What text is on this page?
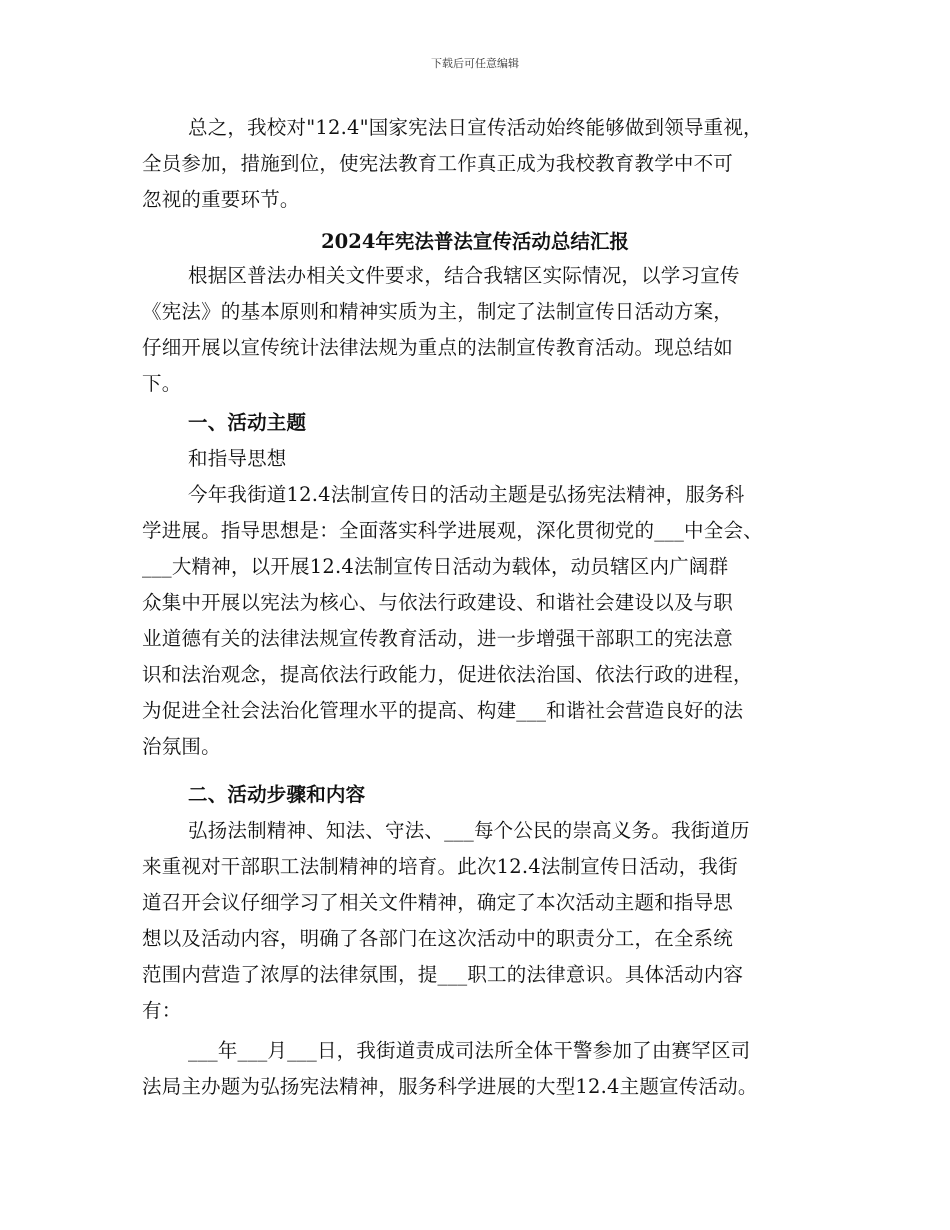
下载后可任意编辑
总之，我校对"12.4"国家宪法日宣传活动始终能够做到领导重视，
全员参加，措施到位，使宪法教育工作真正成为我校教育教学中不可
忽视的重要环节。
2024年宪法普法宣传活动总结汇报
根据区普法办相关文件要求，结合我辖区实际情况，以学习宣传
《宪法》的基本原则和精神实质为主，制定了法制宣传日活动方案，
仔细开展以宣传统计法律法规为重点的法制宣传教育活动。现总结如
下。
一、活动主题
和指导思想
今年我街道12.4法制宣传日的活动主题是弘扬宪法精神，服务科
学进展。指导思想是：全面落实科学进展观，深化贯彻党的___中全会、
___大精神，以开展12.4法制宣传日活动为载体，动员辖区内广阔群
众集中开展以宪法为核心、与依法行政建设、和谐社会建设以及与职
业道德有关的法律法规宣传教育活动，进一步增强干部职工的宪法意
识和法治观念，提高依法行政能力，促进依法治国、依法行政的进程，
为促进全社会法治化管理水平的提高、构建___和谐社会营造良好的法
治氛围。
二、活动步骤和内容
弘扬法制精神、知法、守法、___每个公民的崇高义务。我街道历
来重视对干部职工法制精神的培育。此次12.4法制宣传日活动，我街
道召开会议仔细学习了相关文件精神，确定了本次活动主题和指导思
想以及活动内容，明确了各部门在这次活动中的职责分工，在全系统
范围内营造了浓厚的法律氛围，提___职工的法律意识。具体活动内容
有：
___年___月___日，我街道责成司法所全体干警参加了由赛罕区司
法局主办题为弘扬宪法精神，服务科学进展的大型12.4主题宣传活动。
